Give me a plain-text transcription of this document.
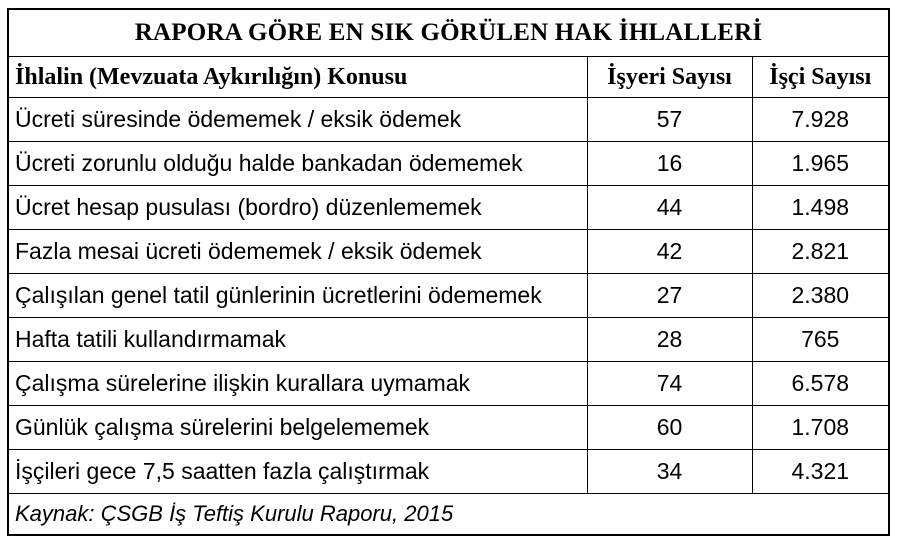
RAPORA GÖRE EN SIK GÖRÜLEN HAK İHLALLERİ		
İhlalin (Mevzuata Aykırılığın) Konusu	İşyeri Sayısı	İşçi Sayısı
Ücreti süresinde ödememek / eksik ödemek	57	7.928
Ücreti zorunlu olduğu halde bankadan ödememek	16	1.965
Ücret hesap pusulası (bordro) düzenlememek	44	1.498
Fazla mesai ücreti ödememek / eksik ödemek	42	2.821
Çalışılan genel tatil günlerinin ücretlerini ödememek	27	2.380
Hafta tatili kullandırmamak	28	765
Çalışma sürelerine ilişkin kurallara uymamak	74	6.578
Günlük çalışma sürelerini belgelememek	60	1.708
İşçileri gece 7,5 saatten fazla çalıştırmak	34	4.321
Kaynak: ÇSGB İş Teftiş Kurulu Raporu, 2015		
